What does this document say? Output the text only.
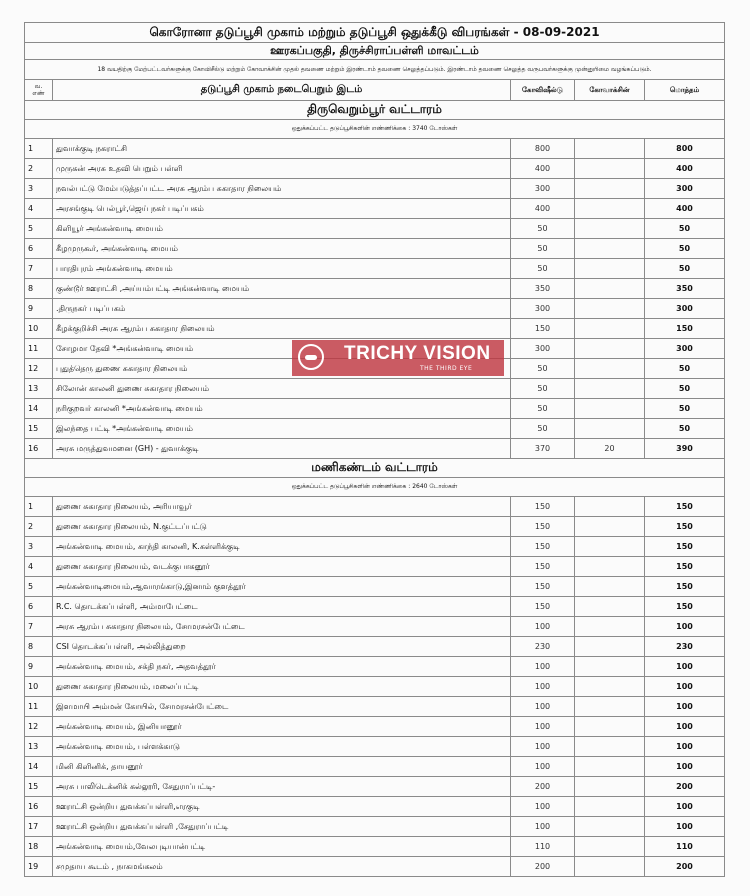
கொரோனா தடுப்பூசி முகாம் மற்றும் தடுப்பூசி ஒதுக்கீடு விபரங்கள் - 08-09-2021				
ஊரகப்பகுதி, திருச்சிராப்பள்ளி மாவட்டம்				
18 வயதிற்கு மேற்பட்டவர்களுக்கு கோவிசீல்டு மற்றும் கோவாக்சின் முதல் தவணை மற்றும் இரண்டாம் தவணை செலுத்தப்படும். இரண்டாம் தவணை செலுத்த வருபவர்களுக்கு முன்னுரிமை வழங்கப்படும்.				
வ. எண்	தடுப்பூசி முகாம் நடைபெறும் இடம்	கோவிஷீல்டு	கோவாக்சின்	மொத்தம்
திருவெறும்பூர் வட்டாரம்				
ஒதுக்கப்பட்ட தடுப்பூசிகளின் எண்ணிக்கை : 3740 டோஸ்கள்				
1	துவாக்குடி நகராட்சி	800		800
2	முருகன் அரசு உதவி பெறும் பள்ளி	400		400
3	நவல்பட்டு மேம்படுத்தப்பட்ட அரசு ஆரம்ப சுகாதார நிலையம்	300		300
4	அரசங்குடி பெல்பூர்,ஜெய் நகர் படிப்பகம்	400		400
5	கிளியூர் அங்கன்வாடி மையம்	50		50
6	கீழமுருகூர், அங்கன்வாடி மையம்	50		50
7	பாரதிபுரம் அங்கன்வாடி மையம்	50		50
8	குண்டூர் ஊராட்சி ,அய்யம்பட்டி அங்கன்வாடி மையம்	350		350
9	.திருநகர் படிப்பகம்	300		300
10	கீழக்குறிச்சி அரசு ஆரம்ப சுகாதார நிலையம்	150		150
11	சோழமா தேவி *அங்கன்வாடி மையம்	300		300
12	புதுத்தெரு துணை சுகாதார நிலையம்	50		50
13	சிலோன் காலனி துணை சுகாதார நிலையம்	50		50
14	நரிகுறவர் காலனி *அங்கன்வாடி மையம்	50		50
15	இலந்தை பட்டி *அங்கன்வாடி மையம்	50		50
16	அரசு மருத்துவமனை (GH) - துவாக்குடி	370	20	390
மணிகண்டம் வட்டாரம்				
ஒதுக்கப்பட்ட தடுப்பூசிகளின் எண்ணிக்கை : 2640 டோஸ்கள்				
1	துணை சுகாதார நிலையம், அரியாவூர்	150		150
2	துணை சுகாதார நிலையம், N.குட்டப்பட்டு	150		150
3	அங்கன்வாடி மையம், காந்தி காலனி, K.கள்ளிக்குடி	150		150
4	துணை சுகாதார நிலையம், வடக்குபாகனூர்	150		150
5	அங்கன்வாடிமையம்,ஆவாரங்காடு,இனாம் குளத்தூர்	150		150
6	R.C. தொடக்கப்பள்ளி, அம்மாபேட்டை	150		150
7	அரசு ஆரம்ப சுகாதார நிலையம், சோமரசன்பேட்டை	100		100
8	CSI தொடக்கப்பள்ளி, அல்லித்துறை	230		230
9	அங்கன்வாடி மையம், சக்தி நகர், அதவத்தூர்	100		100
10	துணை சுகாதார நிலையம், மலைப்பட்டி	100		100
11	இளமாயி அம்மன் கோயில், சோமரசன்பேட்டை	100		100
12	அங்கன்வாடி மையம், இனியானூர்	100		100
13	அங்கன்வாடி மையம், பள்ளக்காடு	100		100
14	மினி கிளினிக், தாயனூர்	100		100
15	அரசு பாலிடெக்னிக் கல்லூரி, சேதுராப்பட்டி-	200		200
16	ஊராட்சி ஒன்றிய துவக்கப்பள்ளி,எரகுடி	100		100
17	ஊராட்சி ஒன்றிய துவக்கப்பள்ளி ,சேதுராப்பட்டி	100		100
18	அங்கன்வாடி மையம்,வேலபுடியான்பட்டி	110		110
19	சமுதாய கூடம் , நாகமங்கலம்	200		200
TRICHY VISION
THE THIRD EYE
